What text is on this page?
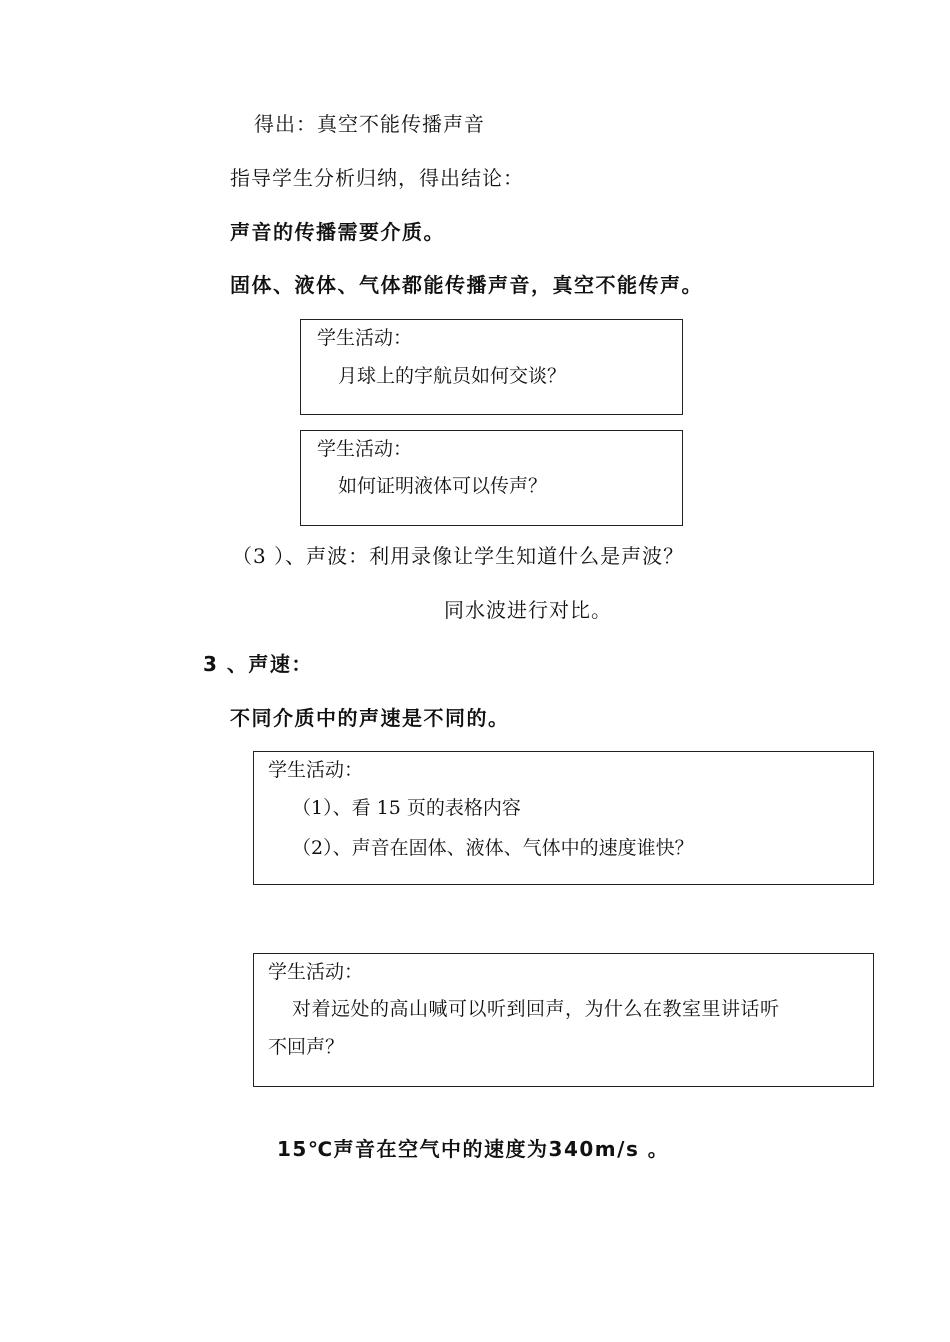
得出：真空不能传播声音
指导学生分析归纳，得出结论：
声音的传播需要介质。
固体、液体、气体都能传播声音，真空不能传声。
学生活动：
月球上的宇航员如何交谈？
学生活动：
如何证明液体可以传声？
（3 ）、声波：利用录像让学生知道什么是声波？
同水波进行对比。
3 、声速：
不同介质中的声速是不同的。
学生活动：
（1）、看 15 页的表格内容
（2）、声音在固体、液体、气体中的速度谁快？
学生活动：
对着远处的高山喊可以听到回声，为什么在教室里讲话听
不回声？
15℃声音在空气中的速度为340m/s 。
